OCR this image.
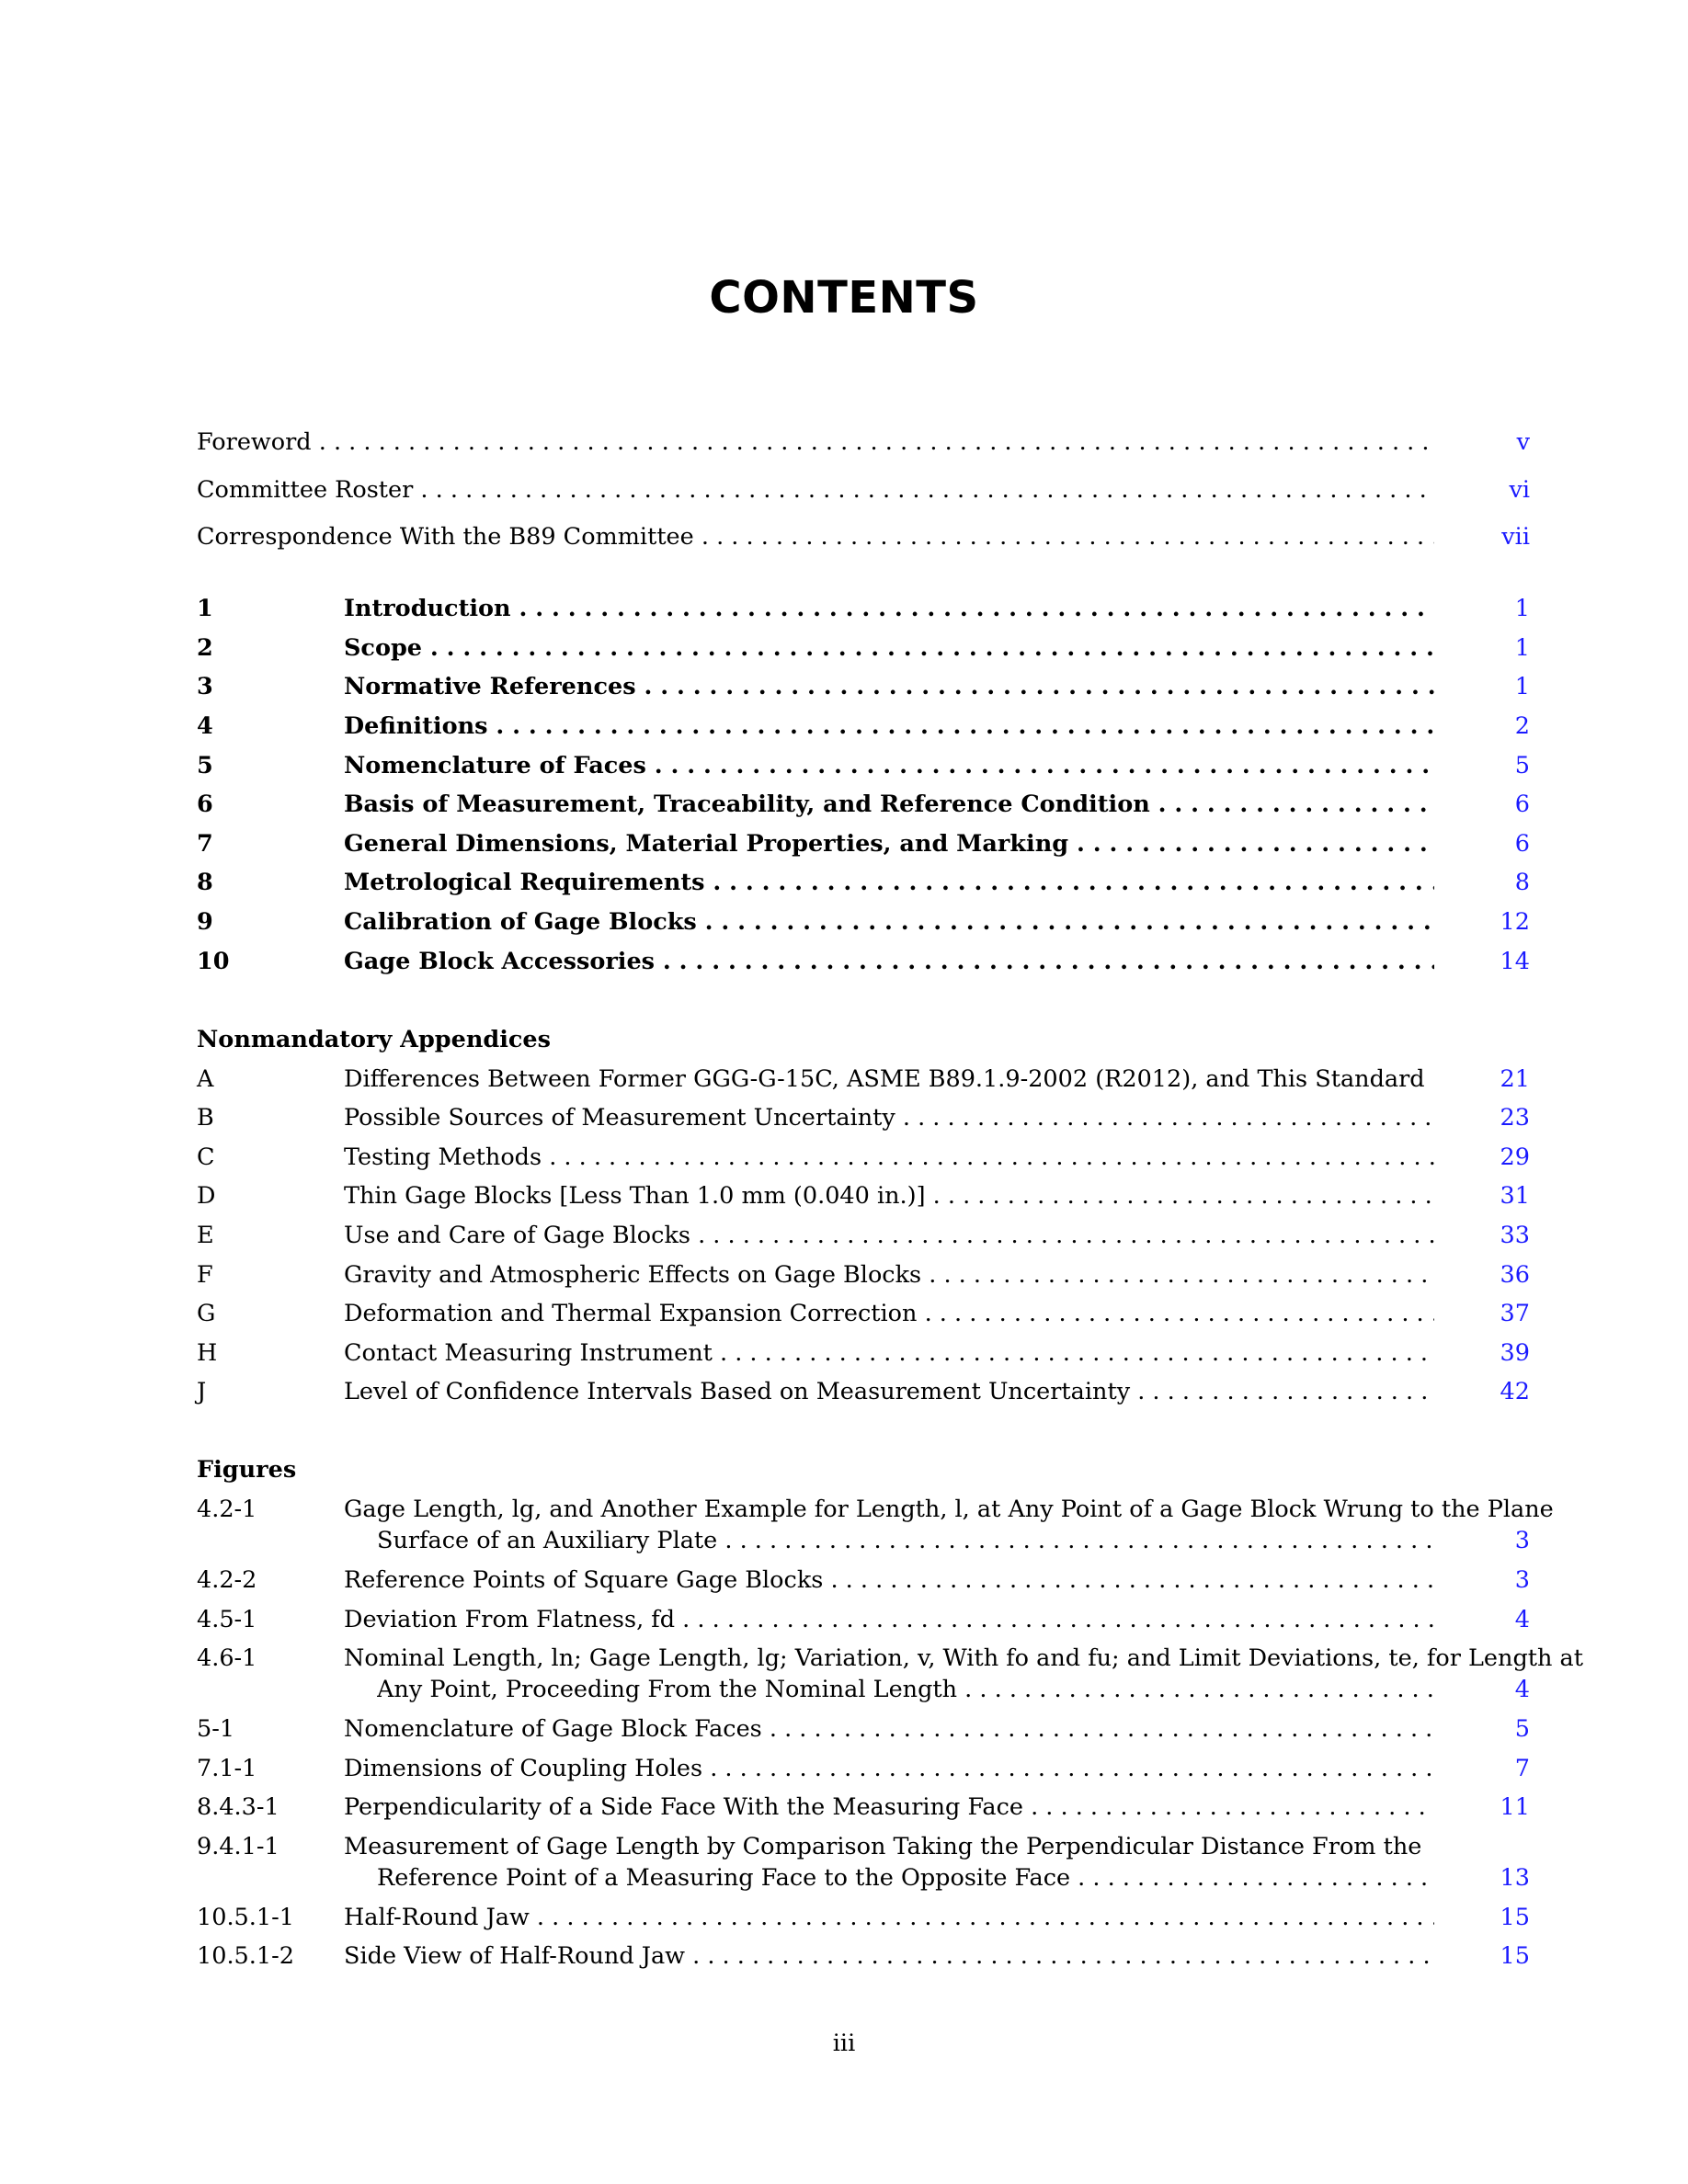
CONTENTS
Foreword . . .	v
Committee Roster . . .	vi
Correspondence With the B89 Committee . . .	vii
1	Introduction . . .	1
2	Scope . . .	1
3	Normative References . . .	1
4	Definitions . . .	2
5	Nomenclature of Faces . . .	5
6	Basis of Measurement, Traceability, and Reference Condition . . .	6
7	General Dimensions, Material Properties, and Marking . . .	6
8	Metrological Requirements . . .	8
9	Calibration of Gage Blocks . . .	12
10	Gage Block Accessories . . .	14
Nonmandatory Appendices
A	Differences Between Former GGG-G-15C, ASME B89.1.9-2002 (R2012), and This Standard . . .	21
B	Possible Sources of Measurement Uncertainty . . .	23
C	Testing Methods . . .	29
D	Thin Gage Blocks [Less Than 1.0 mm (0.040 in.)] . . .	31
E	Use and Care of Gage Blocks . . .	33
F	Gravity and Atmospheric Effects on Gage Blocks . . .	36
G	Deformation and Thermal Expansion Correction . . .	37
H	Contact Measuring Instrument . . .	39
J	Level of Confidence Intervals Based on Measurement Uncertainty . . .	42
Figures
4.2-1	Gage Length, lg, and Another Example for Length, l, at Any Point of a Gage Block Wrung to the Plane
Surface of an Auxiliary Plate . . .	3
4.2-2	Reference Points of Square Gage Blocks . . .	3
4.5-1	Deviation From Flatness, fd . . .	4
4.6-1	Nominal Length, ln; Gage Length, lg; Variation, v, With fo and fu; and Limit Deviations, te, for Length at
Any Point, Proceeding From the Nominal Length . . .	4
5-1	Nomenclature of Gage Block Faces . . .	5
7.1-1	Dimensions of Coupling Holes . . .	7
8.4.3-1	Perpendicularity of a Side Face With the Measuring Face . . .	11
9.4.1-1	Measurement of Gage Length by Comparison Taking the Perpendicular Distance From the
Reference Point of a Measuring Face to the Opposite Face . . .	13
10.5.1-1 Half-Round Jaw . . .	15
10.5.1-2 Side View of Half-Round Jaw . . .	15
iii
